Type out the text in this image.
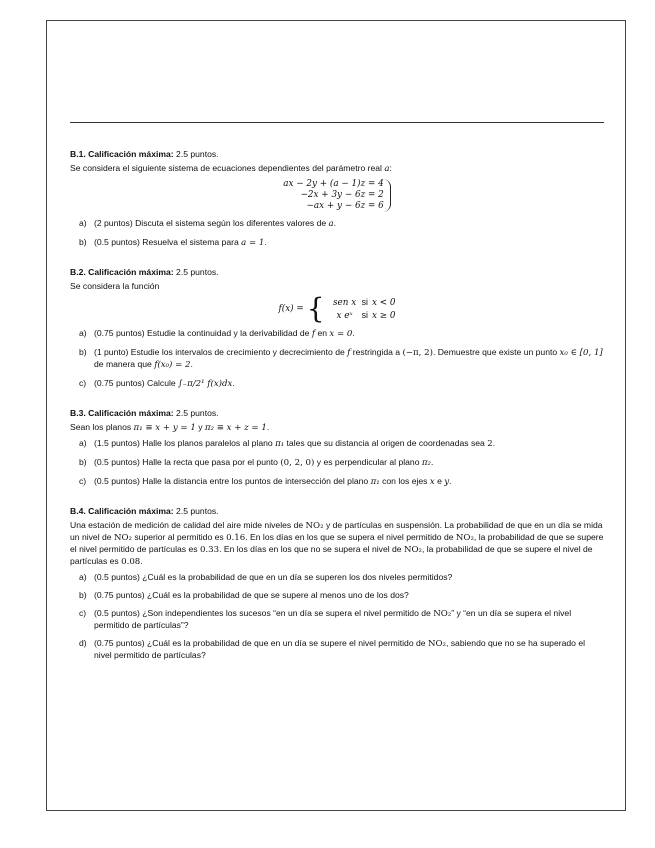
B.1. Calificación máxima: 2.5 puntos.

Se considera el siguiente sistema de ecuaciones dependientes del parámetro real a:

ax − 2y + (a − 1)z = 4
−2x + 3y − 6z = 2
−ax + y − 6z = 6
a) (2 puntos) Discuta el sistema según los diferentes valores de a.
b) (0.5 puntos) Resuelva el sistema para a = 1.

B.2. Calificación máxima: 2.5 puntos.

Se considera la función

f(x) = { sen x si x < 0
x eˣ si x ≥ 0
a) (0.75 puntos) Estudie la continuidad y la derivabilidad de f en x = 0.
b) (1 punto) Estudie los intervalos de crecimiento y decrecimiento de f restringida a (−π, 2). Demuestre que existe un punto x₀ ∈ [0, 1] de manera que f(x₀) = 2.
c) (0.75 puntos) Calcule ∫₋π/2¹ f(x)dx.

B.3. Calificación máxima: 2.5 puntos.

Sean los planos π₁ ≡ x + y = 1 y π₂ ≡ x + z = 1.

a) (1.5 puntos) Halle los planos paralelos al plano π₁ tales que su distancia al origen de coordenadas sea 2.
b) (0.5 puntos) Halle la recta que pasa por el punto (0, 2, 0) y es perpendicular al plano π₂.
c) (0.5 puntos) Halle la distancia entre los puntos de intersección del plano π₁ con los ejes x e y.

B.4. Calificación máxima: 2.5 puntos.

Una estación de medición de calidad del aire mide niveles de NO₂ y de partículas en suspensión. La probabilidad de que en un día se mida un nivel de NO₂ superior al permitido es 0.16. En los días en los que se supera el nivel permitido de NO₂, la probabilidad de que se supere el nivel permitido de partículas es 0.33. En los días en los que no se supera el nivel de NO₂, la probabilidad de que se supere el nivel de partículas es 0.08.

a) (0.5 puntos) ¿Cuál es la probabilidad de que en un día se superen los dos niveles permitidos?
b) (0.75 puntos) ¿Cuál es la probabilidad de que se supere al menos uno de los dos?
c) (0.5 puntos) ¿Son independientes los sucesos “en un día se supera el nivel permitido de NO₂” y “en un día se supera el nivel permitido de partículas”?
d) (0.75 puntos) ¿Cuál es la probabilidad de que en un día se supere el nivel permitido de NO₂, sabiendo que no se ha superado el nivel permitido de partículas?
